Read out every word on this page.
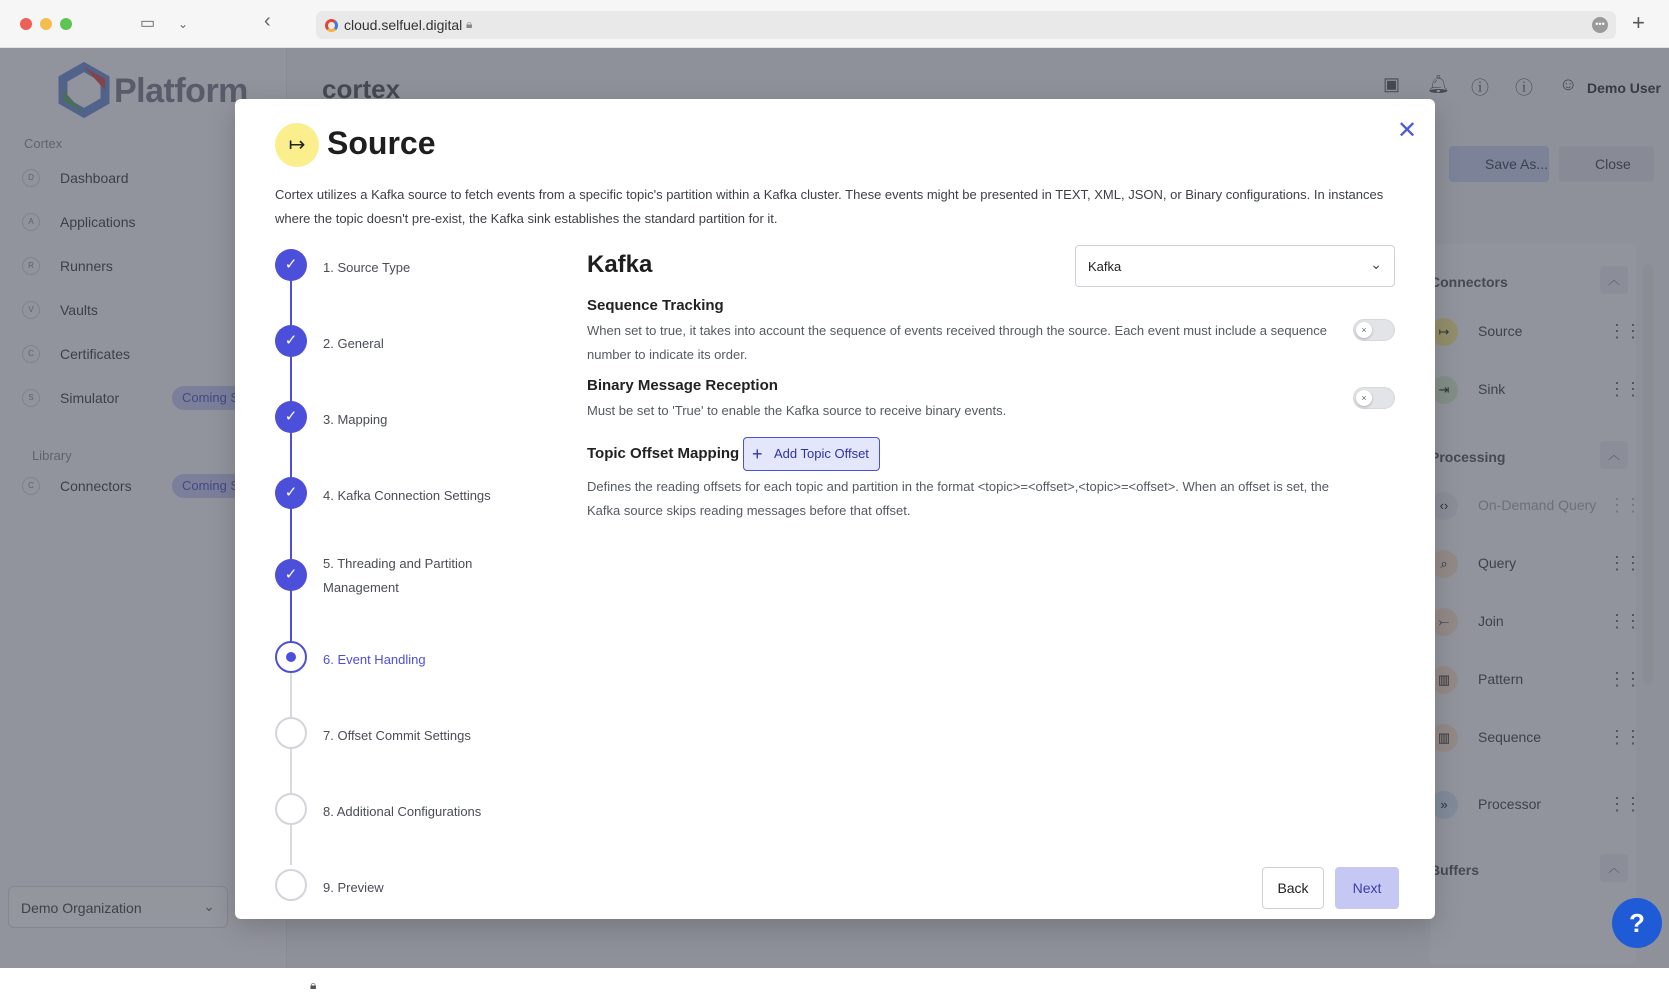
▭ ⌄	‹	cloud.selfuel.digital 🔒︎	••• +
🔒︎
?
↦ Source	✕
Cortex utilizes a Kafka source to fetch events from a specific topic's partition within a Kafka cluster. These events might be presented in TEXT, XML, JSON, or Binary configurations. In instances where the topic doesn't pre-exist, the Kafka sink establishes the standard partition for it.
✓	1. Source Type
✓	2. General
✓	3. Mapping
✓	4. Kafka Connection Settings
✓
5. Threading and Partition Management
6. Event Handling
7. Offset Commit Settings
8. Additional Configurations
9. Preview
Kafka	Kafka	⌄
Sequence Tracking
When set to true, it takes into account the sequence of events received through the source. Each event must include a sequence number to indicate its order.
×
Binary Message Reception
Must be set to 'True' to enable the Kafka source to receive binary events.
×
Topic Offset Mapping + Add Topic Offset
Defines the reading offsets for each topic and partition in the format <topic>=<offset>,<topic>=<offset>. When an offset is set, the Kafka source skips reading messages before that offset.
Back	Next
